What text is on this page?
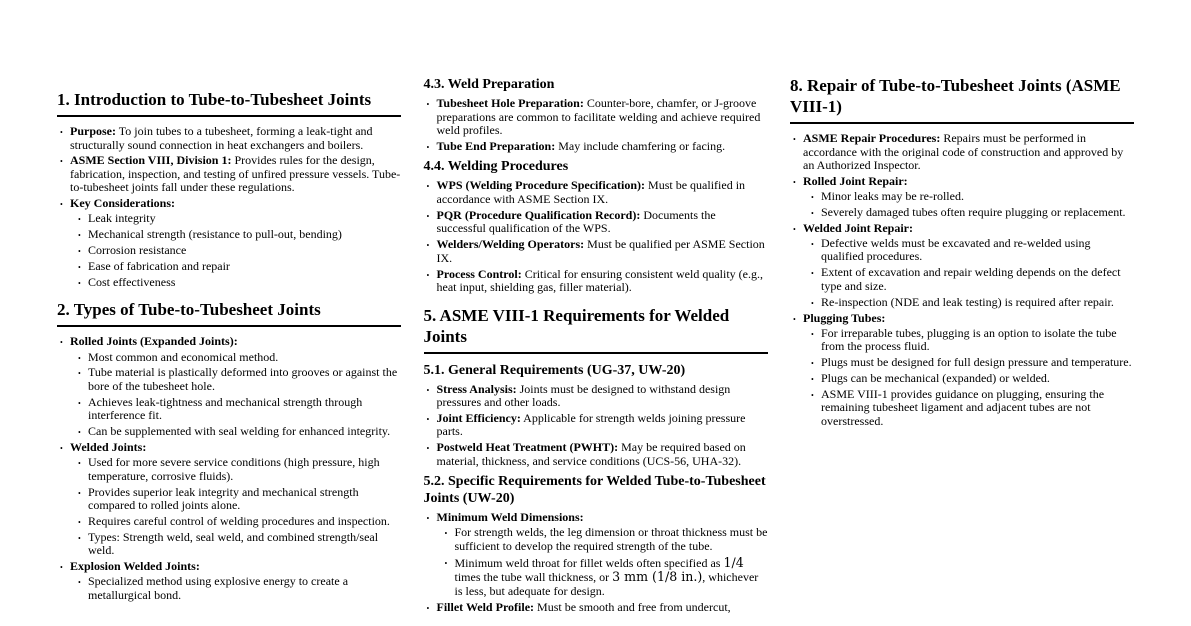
1. Introduction to Tube-to-Tubesheet Joints
• Purpose: To join tubes to a tubesheet, forming a leak-tight and structurally sound connection in heat exchangers and boilers.
• ASME Section VIII, Division 1: Provides rules for the design, fabrication, inspection, and testing of unfired pressure vessels. Tube-to-tubesheet joints fall under these regulations.
• Key Considerations:
• Leak integrity
• Mechanical strength (resistance to pull-out, bending)
• Corrosion resistance
• Ease of fabrication and repair
• Cost effectiveness
2. Types of Tube-to-Tubesheet Joints
• Rolled Joints (Expanded Joints):
• Most common and economical method.
• Tube material is plastically deformed into grooves or against the bore of the tubesheet hole.
• Achieves leak-tightness and mechanical strength through interference fit.
• Can be supplemented with seal welding for enhanced integrity.
• Welded Joints:
• Used for more severe service conditions (high pressure, high temperature, corrosive fluids).
• Provides superior leak integrity and mechanical strength compared to rolled joints alone.
• Requires careful control of welding procedures and inspection.
• Types: Strength weld, seal weld, and combined strength/seal weld.
• Explosion Welded Joints:
• Specialized method using explosive energy to create a metallurgical bond.
4.3. Weld Preparation
• Tubesheet Hole Preparation: Counter-bore, chamfer, or J-groove preparations are common to facilitate welding and achieve required weld profiles.
• Tube End Preparation: May include chamfering or facing.
4.4. Welding Procedures
• WPS (Welding Procedure Specification): Must be qualified in accordance with ASME Section IX.
• PQR (Procedure Qualification Record): Documents the successful qualification of the WPS.
• Welders/Welding Operators: Must be qualified per ASME Section IX.
• Process Control: Critical for ensuring consistent weld quality (e.g., heat input, shielding gas, filler material).
5. ASME VIII-1 Requirements for Welded Joints
5.1. General Requirements (UG-37, UW-20)
• Stress Analysis: Joints must be designed to withstand design pressures and other loads.
• Joint Efficiency: Applicable for strength welds joining pressure parts.
• Postweld Heat Treatment (PWHT): May be required based on material, thickness, and service conditions (UCS-56, UHA-32).
5.2. Specific Requirements for Welded Tube-to-Tubesheet Joints (UW-20)
• Minimum Weld Dimensions:
• For strength welds, the leg dimension or throat thickness must be sufficient to develop the required strength of the tube.
• Minimum weld throat for fillet welds often specified as 1/4 times the tube wall thickness, or 3 mm (1/8 in.), whichever is less, but adequate for design.
• Fillet Weld Profile: Must be smooth and free from undercut,
8. Repair of Tube-to-Tubesheet Joints (ASME VIII-1)
• ASME Repair Procedures: Repairs must be performed in accordance with the original code of construction and approved by an Authorized Inspector.
• Rolled Joint Repair:
• Minor leaks may be re-rolled.
• Severely damaged tubes often require plugging or replacement.
• Welded Joint Repair:
• Defective welds must be excavated and re-welded using qualified procedures.
• Extent of excavation and repair welding depends on the defect type and size.
• Re-inspection (NDE and leak testing) is required after repair.
• Plugging Tubes:
• For irreparable tubes, plugging is an option to isolate the tube from the process fluid.
• Plugs must be designed for full design pressure and temperature.
• Plugs can be mechanical (expanded) or welded.
• ASME VIII-1 provides guidance on plugging, ensuring the remaining tubesheet ligament and adjacent tubes are not overstressed.
